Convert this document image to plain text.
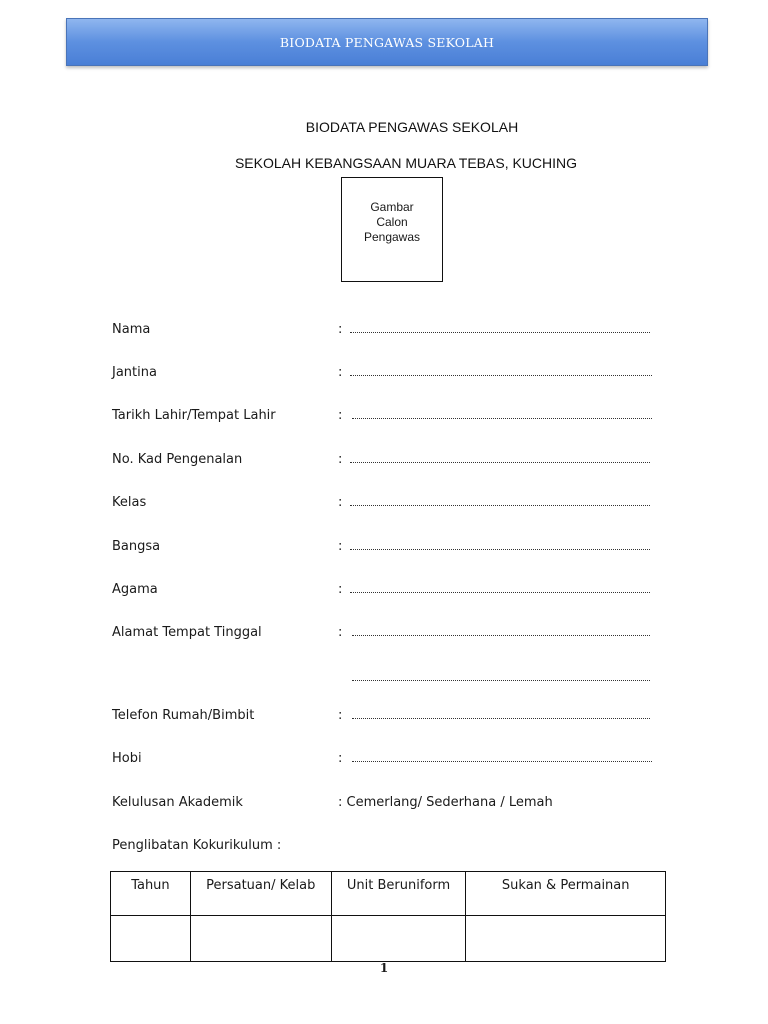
BIODATA PENGAWAS SEKOLAH
BIODATA PENGAWAS SEKOLAH
SEKOLAH KEBANGSAAN MUARA TEBAS, KUCHING
Gambar
Calon
Pengawas
Nama	:
Jantina	:
Tarikh Lahir/Tempat Lahir	:
No. Kad Pengenalan	:
Kelas	:
Bangsa	:
Agama	:
Alamat Tempat Tinggal	:
Telefon Rumah/Bimbit	:
Hobi	:
Kelulusan Akademik	: Cemerlang/ Sederhana / Lemah
Penglibatan Kokurikulum :
Tahun	Persatuan/ Kelab	Unit Beruniform	Sukan & Permainan

1
